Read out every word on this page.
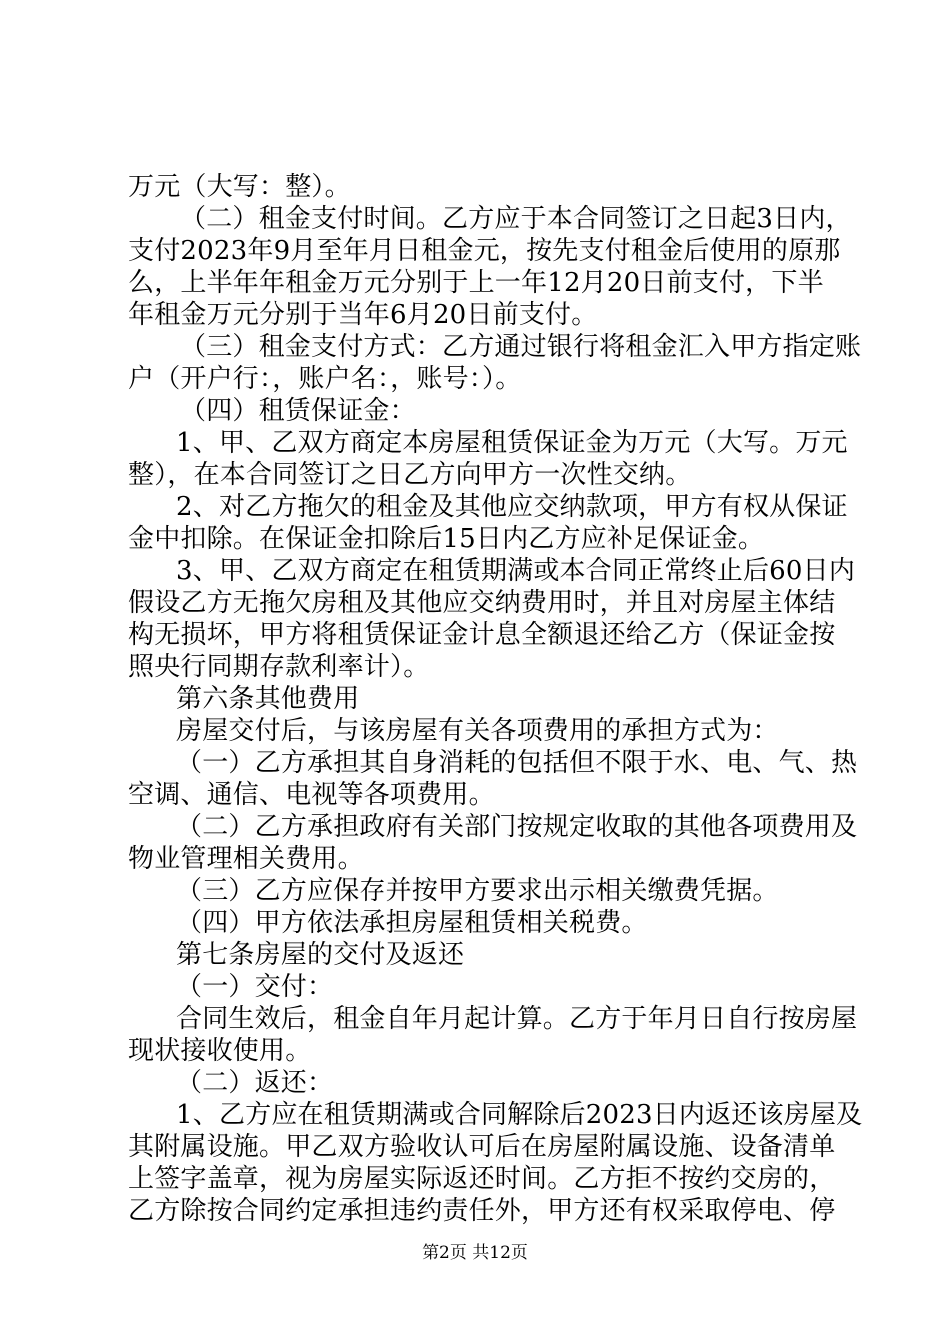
万元（大写：整）。
（二）租金支付时间。乙方应于本合同签订之日起3日内，
支付2023年9月至年月日租金元，按先支付租金后使用的原那
么，上半年年租金万元分别于上一年12月20日前支付，下半
年租金万元分别于当年6月20日前支付。
（三）租金支付方式：乙方通过银行将租金汇入甲方指定账
户（开户行：，账户名：，账号：）。
（四）租赁保证金：
1、甲、乙双方商定本房屋租赁保证金为万元（大写。万元
整），在本合同签订之日乙方向甲方一次性交纳。
2、对乙方拖欠的租金及其他应交纳款项，甲方有权从保证
金中扣除。在保证金扣除后15日内乙方应补足保证金。
3、甲、乙双方商定在租赁期满或本合同正常终止后60日内
假设乙方无拖欠房租及其他应交纳费用时，并且对房屋主体结
构无损坏，甲方将租赁保证金计息全额退还给乙方（保证金按
照央行同期存款利率计）。
第六条其他费用
房屋交付后，与该房屋有关各项费用的承担方式为：
（一）乙方承担其自身消耗的包括但不限于水、电、气、热
空调、通信、电视等各项费用。
（二）乙方承担政府有关部门按规定收取的其他各项费用及
物业管理相关费用。
（三）乙方应保存并按甲方要求出示相关缴费凭据。
（四）甲方依法承担房屋租赁相关税费。
第七条房屋的交付及返还
（一）交付：
合同生效后，租金自年月起计算。乙方于年月日自行按房屋
现状接收使用。
（二）返还：
1、乙方应在租赁期满或合同解除后2023日内返还该房屋及
其附属设施。甲乙双方验收认可后在房屋附属设施、设备清单
上签字盖章，视为房屋实际返还时间。乙方拒不按约交房的，
乙方除按合同约定承担违约责任外，甲方还有权采取停电、停
第2页 共12页
